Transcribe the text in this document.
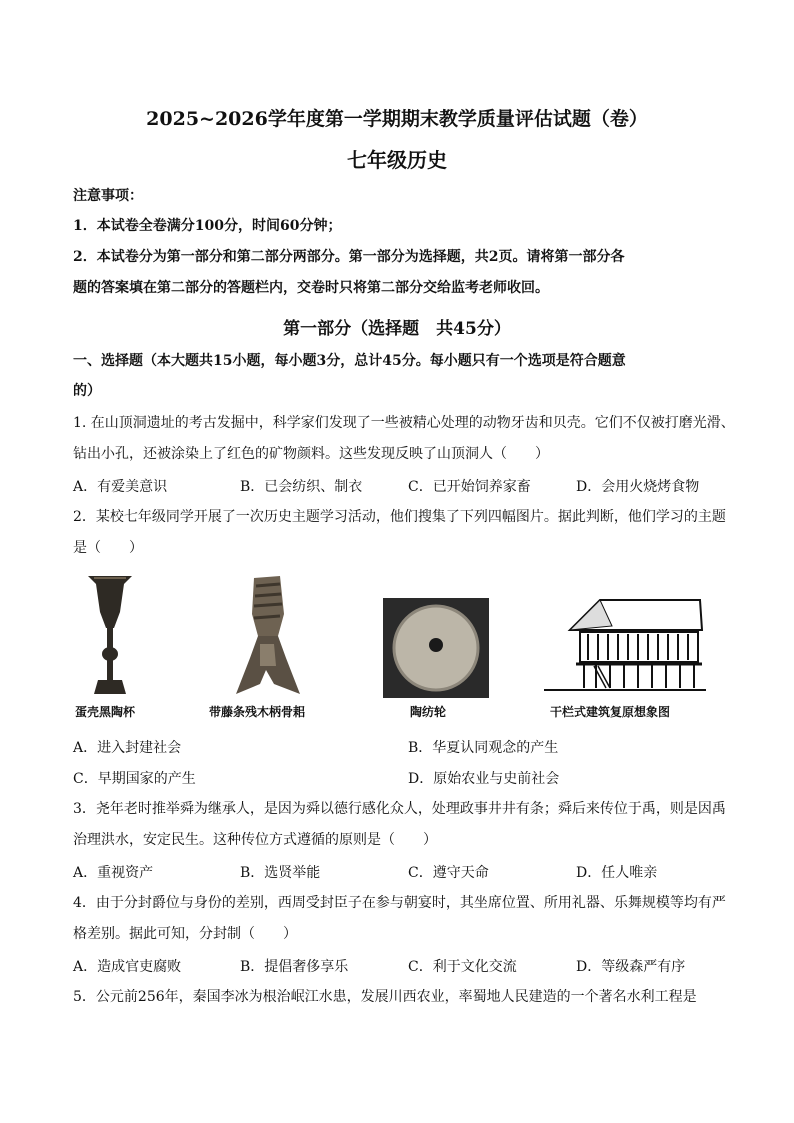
2025~2026学年度第一学期期末教学质量评估试题（卷）
七年级历史
注意事项：
1．本试卷全卷满分100分，时间60分钟；
2．本试卷分为第一部分和第二部分两部分。第一部分为选择题，共2页。请将第一部分各
题的答案填在第二部分的答题栏内，交卷时只将第二部分交给监考老师收回。
第一部分（选择题　共45分）
一、选择题（本大题共15小题，每小题3分，总计45分。每小题只有一个选项是符合题意
的）
1. 在山顶洞遗址的考古发掘中，科学家们发现了一些被精心处理的动物牙齿和贝壳。它们不仅被打磨光滑、
钻出小孔，还被涂染上了红色的矿物颜料。这些发现反映了山顶洞人（　　）
A．有爱美意识	B．已会纺织、制衣	C．已开始饲养家畜	D．会用火烧烤食物
2．某校七年级同学开展了一次历史主题学习活动，他们搜集了下列四幅图片。据此判断，他们学习的主题
是（　　）
蛋壳黑陶杯	带藤条残木柄骨耜	陶纺轮	干栏式建筑复原想象图
A．进入封建社会	B．华夏认同观念的产生
C．早期国家的产生	D．原始农业与史前社会
3．尧年老时推举舜为继承人，是因为舜以德行感化众人，处理政事井井有条；舜后来传位于禹，则是因禹
治理洪水，安定民生。这种传位方式遵循的原则是（　　）
A．重视资产	B．选贤举能	C．遵守天命	D．任人唯亲
4．由于分封爵位与身份的差别，西周受封臣子在参与朝宴时，其坐席位置、所用礼器、乐舞规模等均有严
格差别。据此可知，分封制（　　）
A．造成官吏腐败	B．提倡奢侈享乐	C．利于文化交流	D．等级森严有序
5．公元前256年，秦国李冰为根治岷江水患，发展川西农业，率蜀地人民建造的一个著名水利工程是
